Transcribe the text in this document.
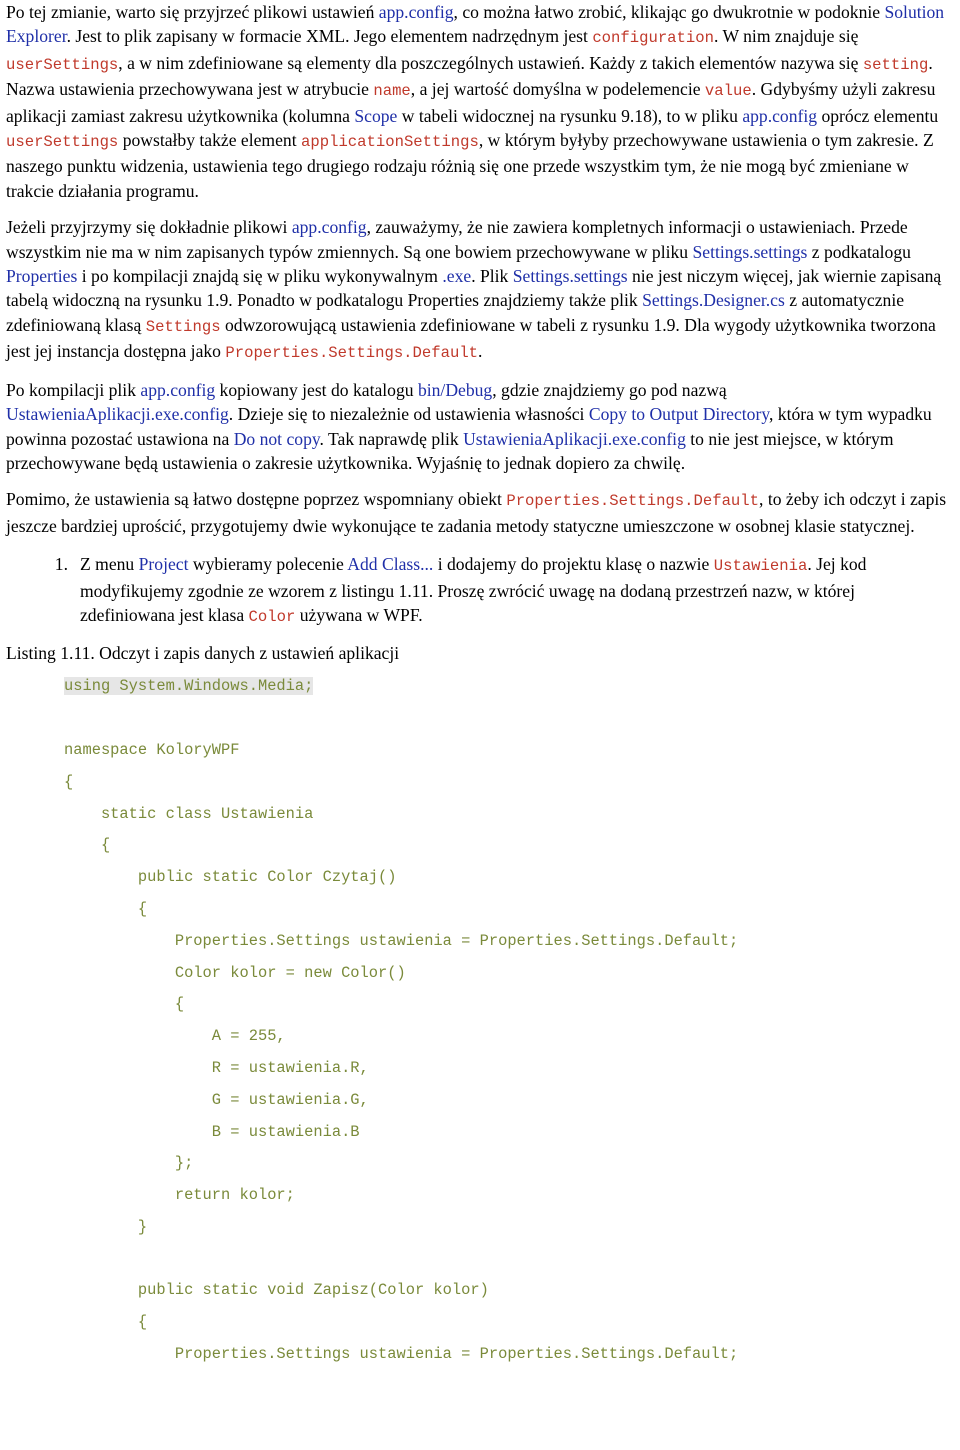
Po tej zmianie, warto się przyjrzeć plikowi ustawień app.config, co można łatwo zrobić, klikając go dwukrotnie w podoknie Solution Explorer. Jest to plik zapisany w formacie XML. Jego elementem nadrzędnym jest configuration. W nim znajduje się userSettings, a w nim zdefiniowane są elementy dla poszczególnych ustawień. Każdy z takich elementów nazywa się setting. Nazwa ustawienia przechowywana jest w atrybucie name, a jej wartość domyślna w podelemencie value. Gdybyśmy użyli zakresu aplikacji zamiast zakresu użytkownika (kolumna Scope w tabeli widocznej na rysunku 9.18), to w pliku app.config oprócz elementu userSettings powstałby także element applicationSettings, w którym byłyby przechowywane ustawienia o tym zakresie. Z naszego punktu widzenia, ustawienia tego drugiego rodzaju różnią się one przede wszystkim tym, że nie mogą być zmieniane w trakcie działania programu.

Jeżeli przyjrzymy się dokładnie plikowi app.config, zauważymy, że nie zawiera kompletnych informacji o ustawieniach. Przede wszystkim nie ma w nim zapisanych typów zmiennych. Są one bowiem przechowywane w pliku Settings.settings z podkatalogu Properties i po kompilacji znajdą się w pliku wykonywalnym .exe. Plik Settings.settings nie jest niczym więcej, jak wiernie zapisaną tabelą widoczną na rysunku 1.9. Ponadto w podkatalogu Properties znajdziemy także plik Settings.Designer.cs z automatycznie zdefiniowaną klasą Settings odwzorowującą ustawienia zdefiniowane w tabeli z rysunku 1.9. Dla wygody użytkownika tworzona jest jej instancja dostępna jako Properties.Settings.Default.

Po kompilacji plik app.config kopiowany jest do katalogu bin/Debug, gdzie znajdziemy go pod nazwą UstawieniaAplikacji.exe.config. Dzieje się to niezależnie od ustawienia własności Copy to Output Directory, która w tym wypadku powinna pozostać ustawiona na Do not copy. Tak naprawdę plik UstawieniaAplikacji.exe.config to nie jest miejsce, w którym przechowywane będą ustawienia o zakresie użytkownika. Wyjaśnię to jednak dopiero za chwilę.

Pomimo, że ustawienia są łatwo dostępne poprzez wspomniany obiekt Properties.Settings.Default, to żeby ich odczyt i zapis jeszcze bardziej uprościć, przygotujemy dwie wykonujące te zadania metody statyczne umieszczone w osobnej klasie statycznej.

1. Z menu Project wybieramy polecenie Add Class... i dodajemy do projektu klasę o nazwie Ustawienia. Jej kod modyfikujemy zgodnie ze wzorem z listingu 1.11. Proszę zwrócić uwagę na dodaną przestrzeń nazw, w której zdefiniowana jest klasa Color używana w WPF.

Listing 1.11. Odczyt i zapis danych z ustawień aplikacji

using System.Windows.Media;

namespace KoloryWPF
{
static class Ustawienia
{
public static Color Czytaj()
{
Properties.Settings ustawienia = Properties.Settings.Default;
Color kolor = new Color()
{
A = 255,
R = ustawienia.R,
G = ustawienia.G,
B = ustawienia.B
};
return kolor;
}

public static void Zapisz(Color kolor)
{
Properties.Settings ustawienia = Properties.Settings.Default;
